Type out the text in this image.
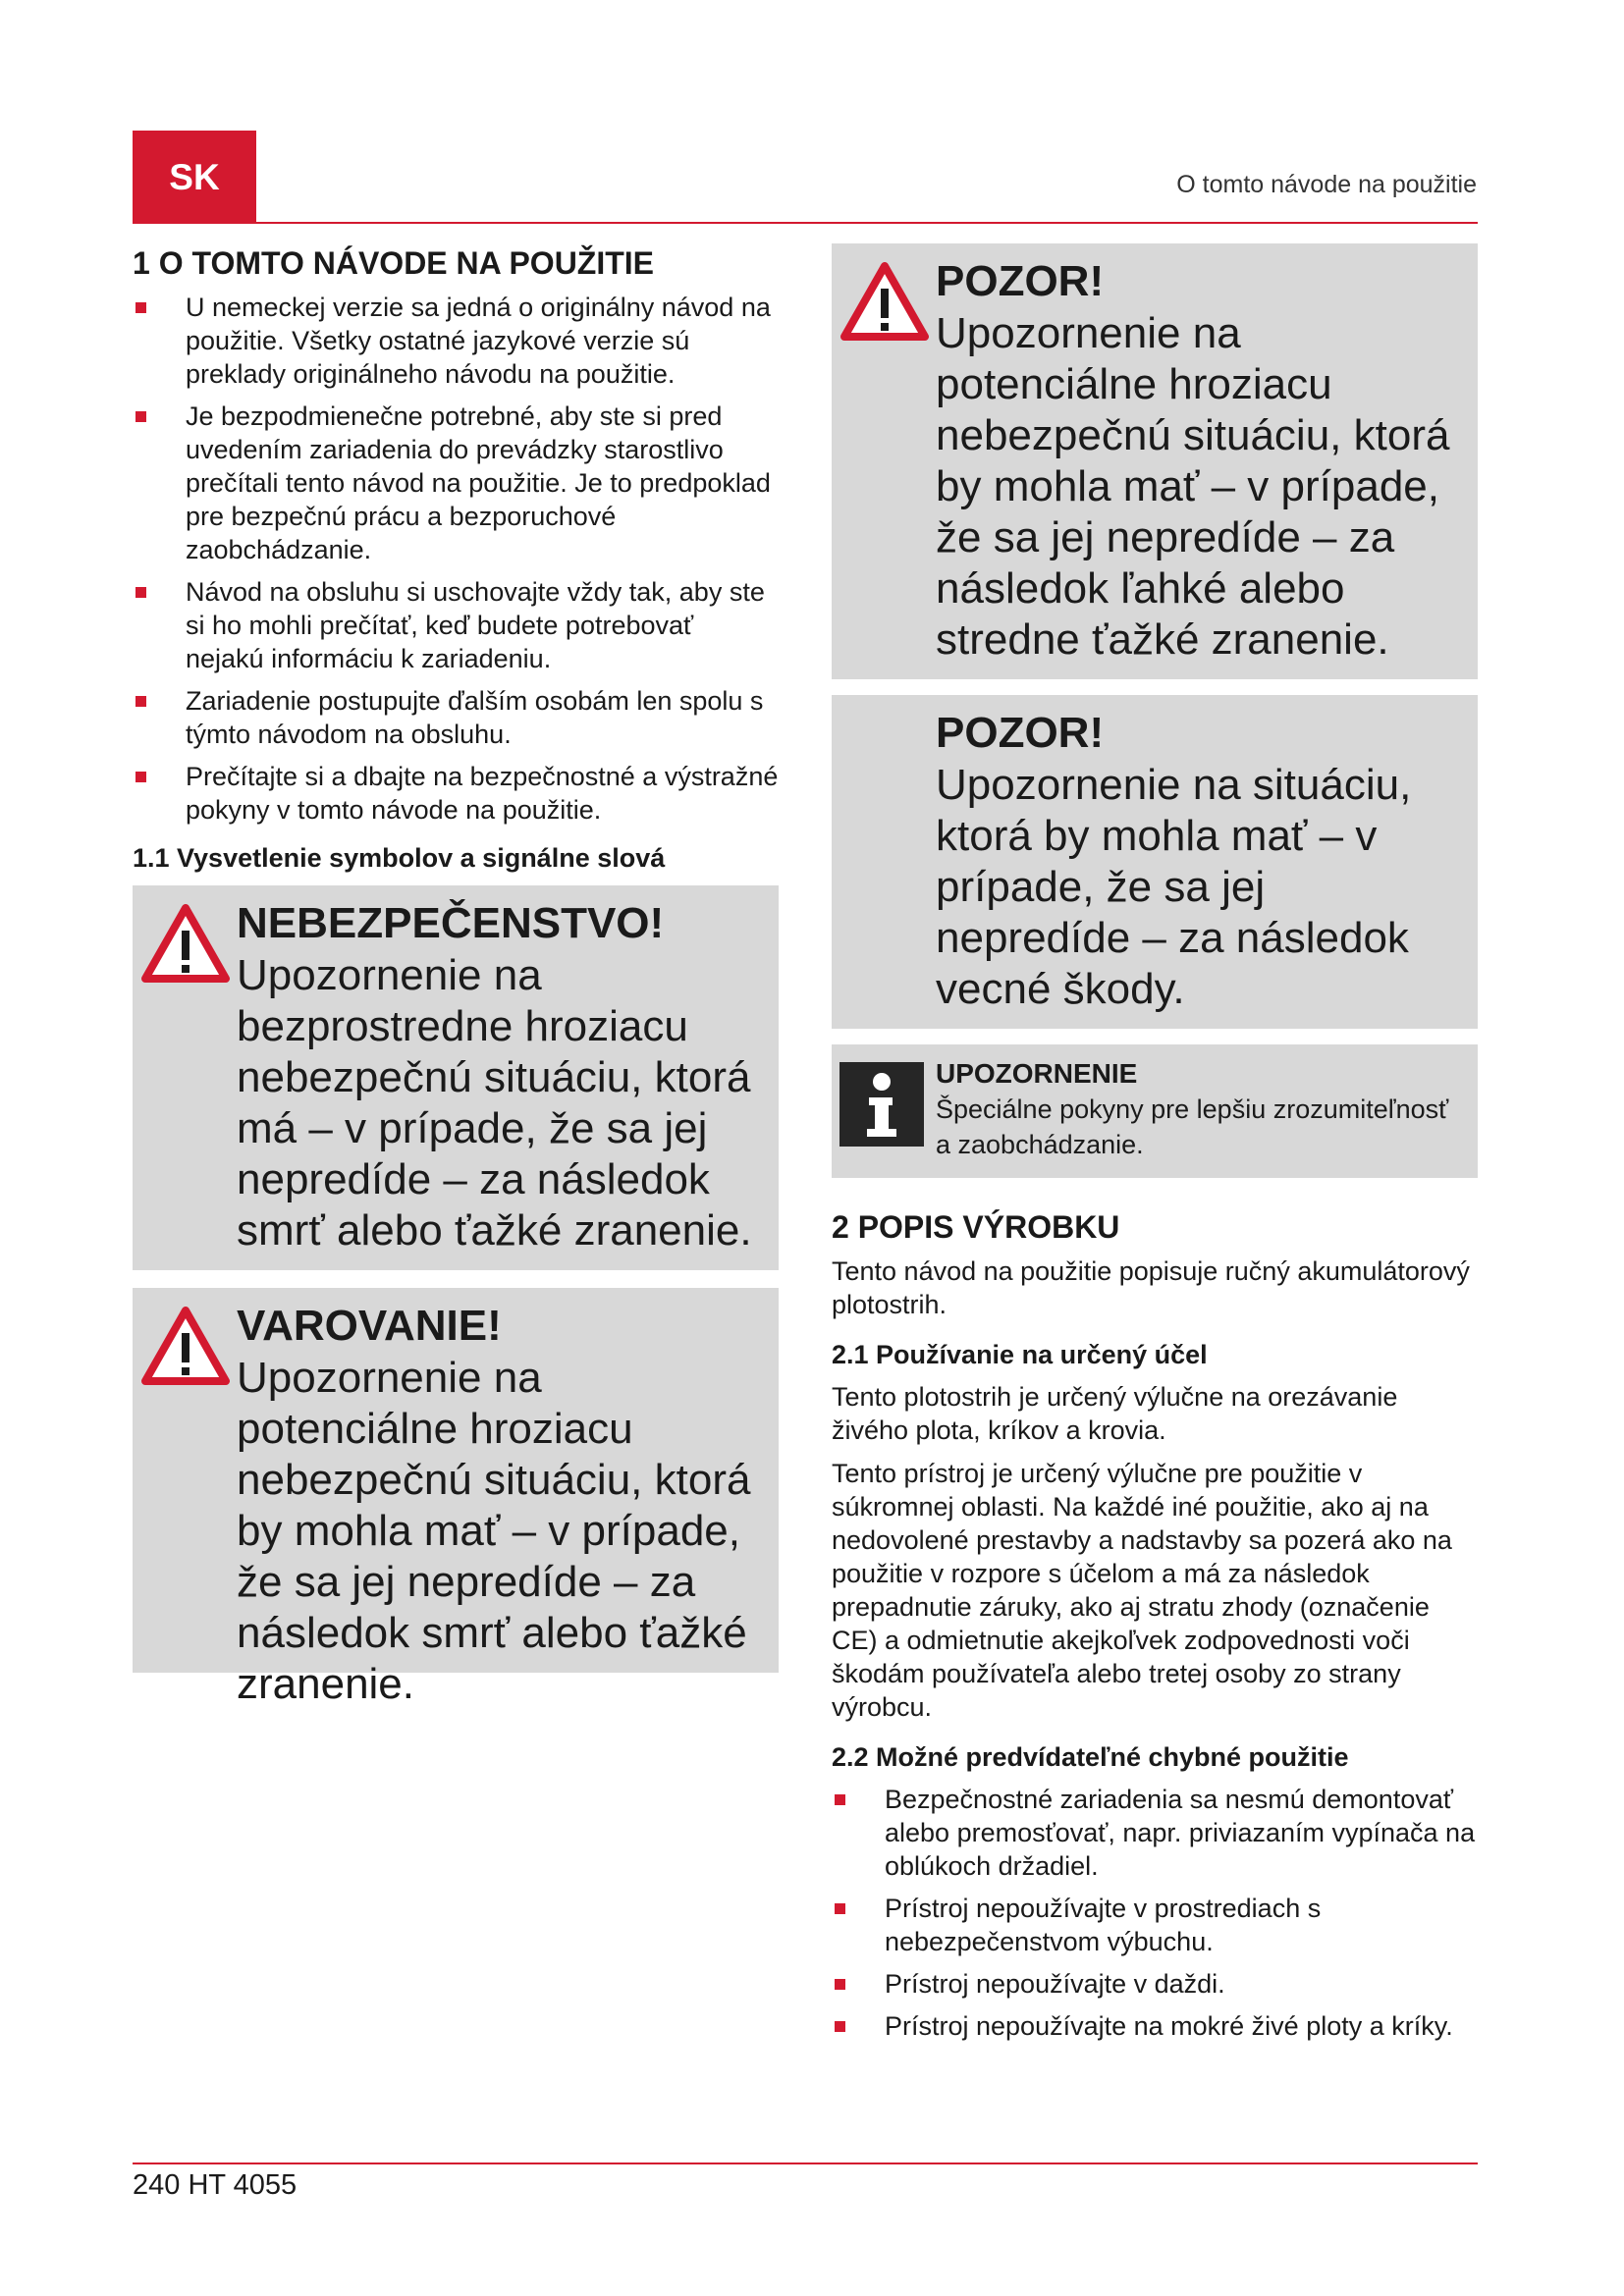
SK	O tomto návode na použitie
1 O TOMTO NÁVODE NA POUŽITIE
U nemeckej verzie sa jedná o originálny návod na použitie. Všetky ostatné jazykové verzie sú preklady originálneho návodu na použitie.
Je bezpodmienečne potrebné, aby ste si pred uvedením zariadenia do prevádzky starostlivo prečítali tento návod na použitie. Je to predpoklad pre bezpečnú prácu a bezporuchové zaobchádzanie.
Návod na obsluhu si uschovajte vždy tak, aby ste si ho mohli prečítať, keď budete potrebovať nejakú informáciu k zariadeniu.
Zariadenie postupujte ďalším osobám len spolu s týmto návodom na obsluhu.
Prečítajte si a dbajte na bezpečnostné a výstražné pokyny v tomto návode na použitie.
1.1 Vysvetlenie symbolov a signálne slová
NEBEZPEČENSTVO!
Upozornenie na bezprostredne hroziacu nebezpečnú situáciu, ktorá má – v prípade, že sa jej nepredíde – za následok smrť alebo ťažké zranenie.
VAROVANIE!
Upozornenie na potenciálne hroziacu nebezpečnú situáciu, ktorá by mohla mať – v prípade, že sa jej nepredíde – za následok smrť alebo ťažké zranenie.
POZOR!
Upozornenie na potenciálne hroziacu nebezpečnú situáciu, ktorá by mohla mať – v prípade, že sa jej nepredíde – za následok ľahké alebo stredne ťažké zranenie.
POZOR!
Upozornenie na situáciu, ktorá by mohla mať – v prípade, že sa jej nepredíde – za následok vecné škody.
UPOZORNENIE
Špeciálne pokyny pre lepšiu zrozumiteľnosť a zaobchádzanie.
2 POPIS VÝROBKU

Tento návod na použitie popisuje ručný akumulátorový plotostrih.

2.1 Používanie na určený účel

Tento plotostrih je určený výlučne na orezávanie živého plota, kríkov a krovia.

Tento prístroj je určený výlučne pre použitie v súkromnej oblasti. Na každé iné použitie, ako aj na nedovolené prestavby a nadstavby sa pozerá ako na použitie v rozpore s účelom a má za následok prepadnutie záruky, ako aj stratu zhody (označenie CE) a odmietnutie akejkoľvek zodpovednosti voči škodám používateľa alebo tretej osoby zo strany výrobcu.

2.2 Možné predvídateľné chybné použitie
Bezpečnostné zariadenia sa nesmú demontovať alebo premosťovať, napr. priviazaním vypínača na oblúkoch držadiel.
Prístroj nepoužívajte v prostrediach s nebezpečenstvom výbuchu.
Prístroj nepoužívajte v daždi.
Prístroj nepoužívajte na mokré živé ploty a kríky.
240 HT 4055
